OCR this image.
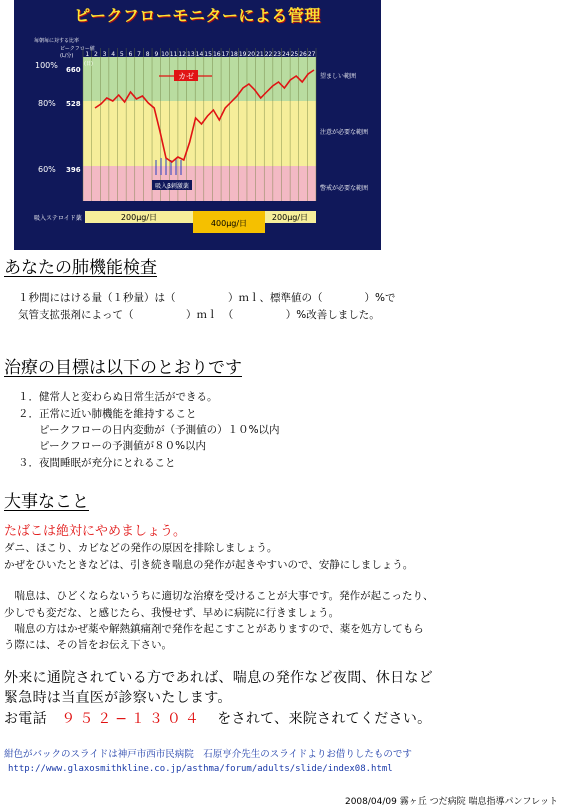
ピークフローモニターによる管理
1 2 3 4 5 6 7 8 9 10 11 12 13 14 15 16 17 18 19 20 21 22 23 24 25 26 27
カゼ
吸入β刺激薬
毎朝毎に対する比率
ピークフロー値
(L/分)
(日)
100%
80%
60%
660
528
396
望ましい範囲
注意が必要な範囲
警戒が必要な範囲
吸入ステロイド薬	200μg/日
400μg/日
200μg/日
あなたの肺機能検査
１秒間にはける量（１秒量）は（　　　　　）ｍｌ、標準値の（　　　　）%で
気管支拡張剤によって（　　　　　）ｍｌ　（　　　　　）%改善しました。
治療の目標は以下のとおりです
１．健常人と変わらぬ日常生活ができる。
２．正常に近い肺機能を維持すること
　　ピークフローの日内変動が（予測値の）１０%以内
　　ピークフローの予測値が８０%以内
３．夜間睡眠が充分にとれること
大事なこと
たばこは絶対にやめましょう。
ダニ、ほこり、カビなどの発作の原因を排除しましょう。
かぜをひいたときなどは、引き続き喘息の発作が起きやすいので、安静にしましょう。
　喘息は、ひどくならないうちに適切な治療を受けることが大事です。発作が起こったり、
少しでも変だな、と感じたら、我慢せず、早めに病院に行きましょう。
　喘息の方はかぜ薬や解熱鎮痛剤で発作を起こすことがありますので、薬を処方してもら
う際には、その旨をお伝え下さい。
外来に通院されている方であれば、喘息の発作など夜間、休日など
緊急時は当直医が診察いたします。
お電話　９５２−１３０４　をされて、来院されてください。
紺色がバックのスライドは神戸市西市民病院　石原亨介先生のスライドよりお借りしたものです
http://www.glaxosmithkline.co.jp/asthma/forum/adults/slide/index08.html
2008/04/09 霧ヶ丘 つだ病院 喘息指導パンフレット
